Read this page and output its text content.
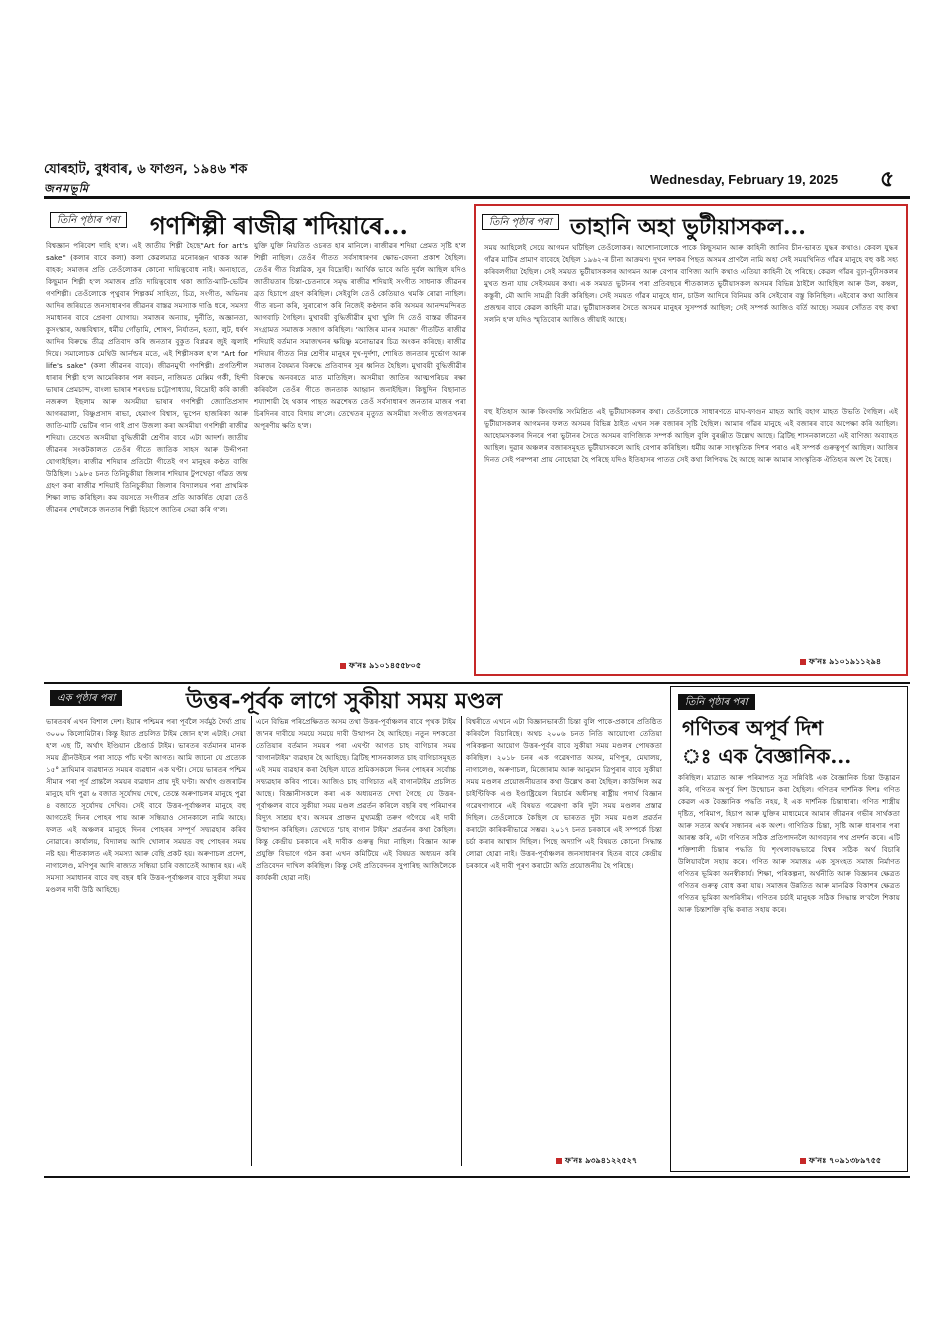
যোৰহাট, বুধবাৰ, ৬ ফাগুন, ১৯৪৬ শক
জনমভূমি
Wednesday, February 19, 2025 ৫
তিনি পৃষ্ঠাৰ পৰা গণশিল্পী ৰাজীৱ শদিয়াৰে...
বিশ্বজ্ঞান পৰিবেশ দাহি হ'ল। এই জাতীয় শিল্পী হৈছে"Art for art's sake" (কলাৰ বাবে কলা) কলা কেৱলমাত্ৰ মনোৰঞ্জন থাকক আৰু বাহক; সমাজৰ প্ৰতি তেওঁলোকৰ কোনো দায়িত্ববোধ নাই। অন্যহাতে, কিছুমান শিল্পী হ'ল সমাজৰ প্ৰতি দায়িত্ববোধ থকা জাতি-মাটি-ভেটিৰ গণশিল্পী। তেওঁলোকে পৃথুবাৰ শিল্পকৰ্ম সাহিত্য, চিত্ৰ, সংগীত, অভিনয় আদিৰ জৰিয়তে জনসাধাৰণৰ জীৱনৰ বাস্তৱ সমস্যাক দাঙি ধৰে, সমস্যা সমাধানৰ বাবে প্ৰেৰণা যোগায়। সমাজৰ অন্যায়, দুৰ্নীতি, অজ্ঞানতা, কুসংস্কাৰ, অন্ধবিশ্বাস, ধৰ্মীয় গোঁড়ামি, শোষণ, নিৰ্যাতন, হত্যা, লুট, ধৰ্ষণ আদিৰ বিৰুদ্ধে তীব্ৰ প্ৰতিবাদ কৰি জনতাৰ বুকুত বিপ্লৱৰ জুই জ্বলাই দিয়ে। সমালোচক মেথিউ আৰ্নল্ডৰ মতে, এই শিল্পীসকল হ'ল "Art for life's sake" (কলা জীৱনৰ বাবে)। জীৱনমুখী গণশিল্পী। প্ৰগতিশীল ধাৰাৰ শিল্পী হ'ল আমেৰিকাৰ পল ৰবচন, নাজিমত মেক্সিম গৰ্কী, হিন্দী ভাষাৰ প্ৰেমচান্দ, বাংলা ভাষাৰ শৰৎচন্দ্ৰ চট্টোপাধ্যায়, বিদ্ৰোহী কবি কাজী নজৰুল ইছলাম আৰু অসমীয়া ভাষাৰ গণশিল্পী জ্যোতিপ্ৰসাদ আগৰৱালা, বিষ্ণুপ্ৰসাদ ৰাভা, হেমাংগ বিশ্বাস, ভূপেন হাজৰিকা আৰু জাতি-মাটি ভেটিৰ গান গাই প্ৰাণ উজলা কৰা অসমীয়া গণশিল্পী ৰাজীৱ শদিয়া। তেখেত অসমীয়া বুদ্ধিজীৱী শ্ৰেণীৰ বাবে এটা আদৰ্শ। জাতীয় জীৱনৰ সংকটকালত তেওঁৰ গীতে জাতিক সাহস আৰু উদ্দীপনা যোগাইছিল। ৰাজীৱ শদিয়াৰ প্ৰতিটো গীতেই গণ মানুহৰ কণ্ঠত বাজি উঠিছিল। ১৯৮৫ চনত তিনিচুকীয়া জিলাৰ শদিয়াৰ টুপখেড়া গাঁৱত জন্ম গ্ৰহণ কৰা ৰাজীৱ শদিয়াই তিনিচুকীয়া জিলাৰ বিদ্যালয়ৰ পৰা প্ৰাথমিক শিক্ষা লাভ কৰিছিল। কম বয়সতে সংগীতৰ প্ৰতি আকৰ্ষিত হোৱা তেওঁ জীৱনৰ শেষলৈকে জনতাৰ শিল্পী হিচাপে জাতিৰ সেৱা কৰি গ'ল।
যুক্তি যুক্তি নিয়তিত ওচৰত হাৰ মানিলে। ৰাজীৱৰ শদিয়া প্ৰেমত সৃষ্টি হ'ল শিল্পী নাছিল। তেওঁৰ গীতত সৰ্বসাধাৰণৰ ক্ষোভ-বেদনা প্ৰকাশ হৈছিল। তেওঁৰ গীত বিপ্লৱিক, সুৰ বিদ্ৰোহী। আৰ্থিক ভাবে অতি দুৰ্বল আছিল যদিও জাতীয়তাৰ চিন্তা-চেতনাৰে সমৃদ্ধ ৰাজীৱ শদিয়াই সংগীত সাধনাক জীৱনৰ ব্ৰত হিচাপে গ্ৰহণ কৰিছিল। সেইবুলি তেওঁ কেতিয়াও থমকি ৰোৱা নাছিল। গীত ৰচনা কৰি, সুৰাৰোপ কৰি নিজেই কণ্ঠদান কৰি অসমৰ আনন্দমন্দিৰত আগবাঢ়ি গৈছিল। মুখাবয়ী বুদ্ধিজীৱীৰ মুখা খুলি দি তেওঁ বাস্তৱ জীৱনৰ সংগ্ৰামত সমাজক সজাগ কৰিছিল। 'আজিৰ মানৰ সমাজ' গীতটিত ৰাজীৱ শদিয়াই বৰ্তমান সমাজখনৰ ক্ষয়িষ্ণু মনোভাৱৰ চিত্ৰ অংকন কৰিছে। ৰাজীৱ শদিয়াৰ গীতত নিম্ন শ্ৰেণীৰ মানুহৰ দুখ-দুৰ্দশা, শোষিত জনতাৰ দুৰ্ভোগ আৰু সমাজৰ বৈষম্যৰ বিৰুদ্ধে প্ৰতিবাদৰ সুৰ ধ্বনিত হৈছিল। মুখাবয়ী বুদ্ধিজীৱীৰ বিৰুদ্ধে অনবৰতে মাত মাতিছিল। অসমীয়া জাতিৰ আত্মপৰিচয় ৰক্ষা কৰিবলৈ তেওঁৰ গীতে জনতাক আহ্বান জনাইছিল। কিছুদিন বিছানাত শয্যাশায়ী হৈ থকাৰ পাছত অৱশেষত তেওঁ সৰ্বসাধাৰণ জনতাৰ মাজৰ পৰা চিৰদিনৰ বাবে বিদায় ল'লে। তেখেতৰ মৃত্যুত অসমীয়া সংগীত জগতখনৰ অপূৰণীয় ক্ষতি হ'ল।
ফ'নঃ ৯১০১৪৫৫৮০৫
তিনি পৃষ্ঠাৰ পৰা তাহানি অহা ভুটীয়াসকল...
সময় আহিলেই সেয়ে আগমন ঘটিছিল তেওঁলোকৰ। আশোনালোকে পাকে কিছুসমান আৰু কাহিনী জানিব চীন-ভাৰত যুদ্ধৰ কথাও। কেবল যুদ্ধৰ গাঁৱৰ মাটিৰ প্ৰামাণ বাবেহে হৈছিল ১৯৬২-ৰ চীনা আক্ৰমণ। দুখন দশকৰ পিছত অসমৰ প্ৰাণলৈ নামি অহা সেই সময়খিনিত গাঁৱৰ মানুহে বহু কষ্ট সহ্য কৰিবলগীয়া হৈছিল। সেই সময়ত ভুটীয়াসকলৰ আগমন আৰু বেপাৰ বাণিজ্য আদি কথাও এতিয়া কাহিনী হৈ পৰিছে। কেৱল গাঁৱৰ বুঢ়া-বুঢ়ীসকলৰ মুখত শুনা যায় সেইসময়ৰ কথা। এক সময়ত ভুটানৰ পৰা প্ৰতিবছৰে শীতকালত ভুটীয়াসকল অসমৰ বিভিন্ন ঠাইলৈ আহিছিল আৰু উল, কম্বল, কস্তুৰী, মৌ আদি সামগ্ৰী বিক্ৰী কৰিছিল। সেই সময়ত গাঁৱৰ মানুহে ধান, চাউল আদিৰে বিনিময় কৰি সেইবোৰ বস্তু কিনিছিল। এইবোৰ কথা আজিৰ প্ৰজন্মৰ বাবে কেৱল কাহিনী মাত্ৰ। ভুটীয়াসকলৰ সৈতে অসমৰ মানুহৰ সুসম্পৰ্ক আছিল; সেই সম্পৰ্ক আজিও বৰ্তি আছে। সময়ৰ সোঁতত বহু কথা সলনি হ'ল যদিও স্মৃতিবোৰ আজিও জীয়াই আছে।
বহু ইতিহাস আৰু কিংবদন্তি সংমিশ্ৰিত এই ভুটীয়াসকলৰ কথা। তেওঁলোকে সাধাৰণতে মাঘ-ফাগুন মাহত আহি বহাগ মাহত উভতি গৈছিল। এই ভুটীয়াসকলৰ আগমনৰ ফলত অসমৰ বিভিন্ন ঠাইত এখন সৰু বজাৰৰ সৃষ্টি হৈছিল। আমাৰ গাঁৱৰ মানুহে এই বজাৰৰ বাবে অপেক্ষা কৰি আছিল। আহোমসকলৰ দিনৰে পৰা ভুটানৰ সৈতে অসমৰ বাণিজ্যিক সম্পৰ্ক আছিল বুলি বুৰঞ্জীত উল্লেখ আছে। ব্ৰিটিছ শাসনকালতো এই বাণিজ্য অব্যাহত আছিল। দুৱাৰ অঞ্চলৰ বজাৰসমূহত ভুটীয়াসকলে আহি বেপাৰ কৰিছিল। ধৰ্মীয় আৰু সাংস্কৃতিক দিশৰ পৰাও এই সম্পৰ্ক গুৰুত্বপূৰ্ণ আছিল। আজিৰ দিনত সেই পৰম্পৰা প্ৰায় নোহোৱা হৈ পৰিছে যদিও ইতিহাসৰ পাতত সেই কথা লিপিবদ্ধ হৈ আছে আৰু আমাৰ সাংস্কৃতিক ঐতিহ্যৰ অংশ হৈ ৰৈছে।
ফ'নঃ ৯১০১৯১১২৯৪
এক পৃষ্ঠাৰ পৰা	উত্তৰ-পূৰ্বক লাগে সুকীয়া সময় মণ্ডল
ভাৰতবৰ্ষ এখন বিশাল দেশ। ইয়াৰ পশ্চিমৰ পৰা পূৰ্বলৈ সৰ্বমুঠ দৈৰ্ঘ্য প্ৰায় ৩০০০ কিলোমিটাৰ। কিন্তু ইয়াত প্ৰচলিত টাইম জোন হ'ল এটাই। সেয়া হ'ল এছ টি, অৰ্থাৎ ইণ্ডিয়ান ষ্টেণ্ডাৰ্ড টাইম। ভাৰতৰ বৰ্তমানৰ মানক সময় গ্ৰীনউইচৰ পৰা সাড়ে পাঁচ ঘণ্টা আগত। আমি জানো যে প্ৰত্যেক ১৫° দ্ৰাঘিমাৰ ব্যৱধানত সময়ৰ ব্যৱধান এক ঘণ্টা। সেয়ে ভাৰতৰ পশ্চিম সীমাৰ পৰা পূৰ্ব প্ৰান্তলৈ সময়ৰ ব্যৱধান প্ৰায় দুই ঘণ্টা। অৰ্থাৎ গুজৰাটৰ মানুহে যদি পুৱা ৬ বজাত সূৰ্যোদয় দেখে, তেন্তে অৰুণাচলৰ মানুহে পুৱা ৪ বজাতে সূৰ্যোদয় দেখিব। সেই বাবে উত্তৰ-পূৰ্বাঞ্চলৰ মানুহে বহু আগতেই দিনৰ পোহৰ পায় আৰু সন্ধিয়াও সোনকালে নামি আহে। ফলত এই অঞ্চলৰ মানুহে দিনৰ পোহৰৰ সম্পূৰ্ণ সদ্ব্যৱহাৰ কৰিব নোৱাৰে। কাৰ্যালয়, বিদ্যালয় আদি খোলাৰ সময়ত বহু পোহৰৰ সময় নষ্ট হয়। শীতকালত এই সমস্যা আৰু বেছি প্ৰকট হয়। অৰুণাচল প্ৰদেশ, নাগালেণ্ড, মণিপুৰ আদি ৰাজ্যত সন্ধিয়া চাৰি বজাতেই আন্ধাৰ হয়। এই সমস্যা সমাধানৰ বাবে বহু বছৰ ধৰি উত্তৰ-পূৰ্বাঞ্চলৰ বাবে সুকীয়া সময় মণ্ডলৰ দাবী উঠি আহিছে।
এনে বিভিন্ন পৰিপ্ৰেক্ষিতত অসম তথা উত্তৰ-পূৰ্বাঞ্চলৰ বাবে পৃথক টাইম জ'নৰ দাবীয়ে সময়ে সময়ে দাবী উত্থাপন হৈ আহিছে। নতুন দশকতো তেতিয়াৰ বৰ্তমান সময়ৰ পৰা এঘণ্টা আগত চাহ বাগিচাৰ সময় 'বাগানটাইম' ব্যৱহাৰ হৈ আহিছে। ব্ৰিটিছ শাসনকালত চাহ বাগিচাসমূহত এই সময় ব্যৱহাৰ কৰা হৈছিল যাতে শ্ৰমিকসকলে দিনৰ পোহৰৰ সৰ্বোচ্চ সদ্ব্যৱহাৰ কৰিব পাৰে। আজিও চাহ বাগিচাত এই বাগানটাইম প্ৰচলিত আছে। বিজ্ঞানীসকলে কৰা এক অধ্যয়নত দেখা গৈছে যে উত্তৰ-পূৰ্বাঞ্চলৰ বাবে সুকীয়া সময় মণ্ডল প্ৰৱৰ্তন কৰিলে বছৰি বহু পৰিমাণৰ বিদ্যুৎ সাশ্ৰয় হ'ব। অসমৰ প্ৰাক্তন মুখ্যমন্ত্ৰী তৰুণ গগৈয়ে এই দাবী উত্থাপন কৰিছিল। তেখেতে 'চাহ বাগান টাইম' প্ৰৱৰ্তনৰ কথা কৈছিল। কিন্তু কেন্দ্ৰীয় চৰকাৰে এই দাবীক গুৰুত্ব দিয়া নাছিল। বিজ্ঞান আৰু প্ৰযুক্তি বিভাগে গঠন কৰা এখন কমিটিয়ে এই বিষয়ত অধ্যয়ন কৰি প্ৰতিবেদন দাখিল কৰিছিল। কিন্তু সেই প্ৰতিবেদনৰ সুপাৰিছ আজিলৈকে কাৰ্যকৰী হোৱা নাই।
বিশ্বৰীতে এখনে এটা বিজ্ঞানভাৰতী চিন্তা বুলি পাকে-প্ৰকাৰে প্ৰতিষ্ঠিত কৰিবলৈ বিচাৰিছে। অথচ ২০০৬ চনত নিতি আয়োগো তেতিয়া পৰিকল্পনা আয়োগ উত্তৰ-পূৰ্বৰ বাবে সুকীয়া সময় মণ্ডলৰ পোষকতা কৰিছিল। ২০১৮ চনৰ এক গৱেষণাত অসম, মণিপুৰ, মেঘালয়, নাগালেণ্ড, অৰুণাচল, মিজোৰাম আৰু আনুমান ত্ৰিপুৰাৰ বাবে সুকীয়া সময় মণ্ডলৰ প্ৰয়োজনীয়তাৰ কথা উল্লেখ কৰা হৈছিল। কাউন্সিল অৱ চাইণ্টিফিক এণ্ড ইণ্ডাষ্ট্ৰিয়েল ৰিচাৰ্চৰ অধীনস্থ ৰাষ্ট্ৰীয় পদাৰ্থ বিজ্ঞান গৱেষণাগাৰে এই বিষয়ত গৱেষণা কৰি দুটা সময় মণ্ডলৰ প্ৰস্তাৱ দিছিল। তেওঁলোকে কৈছিল যে ভাৰতত দুটা সময় মণ্ডল প্ৰৱৰ্তন কৰাটো কাৰিকৰীভাৱে সম্ভৱ। ২০১৭ চনত চৰকাৰে এই সম্পৰ্কে চিন্তা চৰ্চা কৰাৰ আশ্বাস দিছিল। পিছে অদ্যাপি এই বিষয়ত কোনো সিদ্ধান্ত লোৱা হোৱা নাই। উত্তৰ-পূৰ্বাঞ্চলৰ জনসাধাৰণৰ হিতৰ বাবে কেন্দ্ৰীয় চৰকাৰে এই দাবী পূৰণ কৰাটো অতি প্ৰয়োজনীয় হৈ পৰিছে।
ফ'নঃ ৯৩৯৪১২২৫২৭
তিনি পৃষ্ঠাৰ পৰা
গণিতৰ অপূৰ্ব দিশ
ঃ এক বৈজ্ঞানিক...
কৰিছিল। মাত্ৰাত আৰু পৰিমাপত সূত্ৰ সন্নিবিষ্ট এক বৈজ্ঞানিক চিন্তা উদ্ভাৱন কৰি, গণিতৰ অপূৰ্ব দিশ উন্মোচন কৰা হৈছিল। গণিতৰ দাৰ্শনিক দিশঃ গণিত কেৱল এক বৈজ্ঞানিক পদ্ধতি নহয়, ই এক দাৰ্শনিক চিন্তাধাৰা। গণিত শাস্ত্ৰীয় দৃষ্টিত, পৰিমাপ, হিচাপ আৰু যুক্তিৰ মাধ্যমেৰে আমাৰ জীৱনৰ গভীৰ সাৰ্থকতা আৰু সত্যৰ অৰ্থৰ সন্ধানৰ এক অংশ। গাণিতিক চিন্তা, সৃষ্টি আৰু ধাৰণাৰ পৰা আৰম্ভ কৰি, এটা গণিতৰ সঠিক প্ৰতিপাদনলৈ আগবঢ়াৰ পথ প্ৰদৰ্শন কৰে। এটি শক্তিশালী চিন্তাৰ পদ্ধতি যি শৃংখলাবদ্ধভাৱে বিশ্বৰ সঠিক অৰ্থ বিচাৰি উলিয়াবলৈ সহায় কৰে। গণিত আৰু সমাজঃ এক সুসংহত সমাজ নিৰ্মাণত গণিতৰ ভূমিকা অনস্বীকাৰ্য। শিক্ষা, পৰিকল্পনা, অৰ্থনীতি আৰু বিজ্ঞানৰ ক্ষেত্ৰত গণিতৰ গুৰুত্ব বোধ কৰা যায়। সমাজৰ উন্নতিত আৰু মানৱিক বিকাশৰ ক্ষেত্ৰত গণিতৰ ভূমিকা অপৰিসীম। গণিতৰ চৰ্চাই মানুহক সঠিক সিদ্ধান্ত ল'বলৈ শিকায় আৰু চিন্তাশক্তি বৃদ্ধি কৰাত সহায় কৰে।
ফ'নঃ ৭০৯১৩৮৯৭৫৫
